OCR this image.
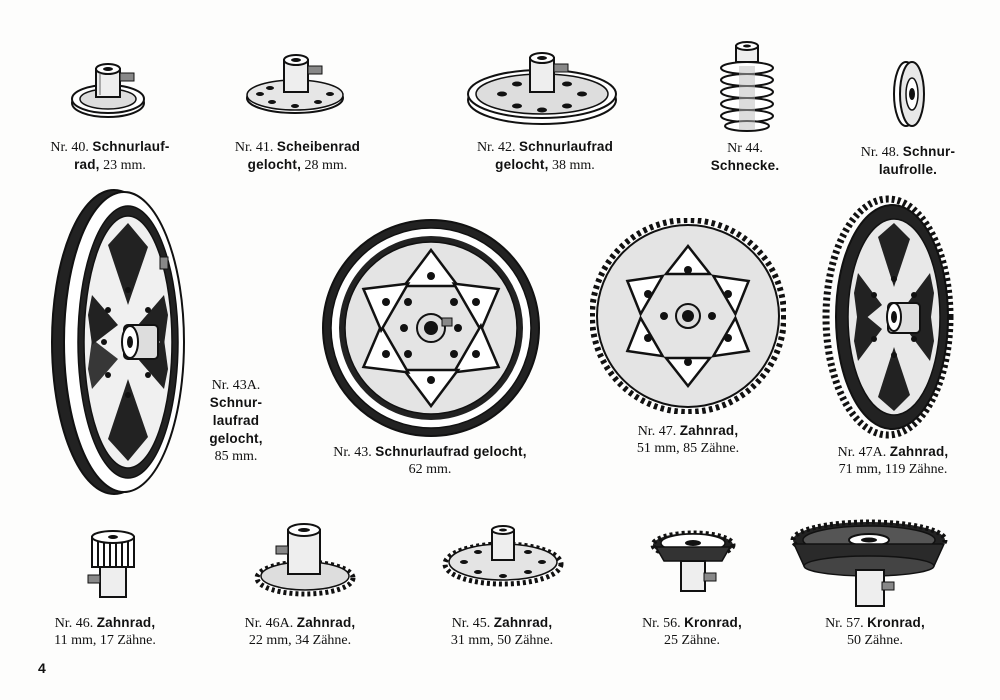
Nr. 40. Schnurlauf-
rad, 23 mm.
Nr. 41. Scheibenrad
gelocht, 28 mm.
Nr. 42. Schnurlaufrad
gelocht, 38 mm.
Nr 44.
Schnecke.
Nr. 48. Schnur-
laufrolle.
Nr. 43A.
Schnur-
laufrad
gelocht,
85 mm.	Nr. 43. Schnurlaufrad gelocht,
62 mm.
Nr. 47. Zahnrad,
51 mm, 85 Zähne.	Nr. 47A. Zahnrad,
71 mm, 119 Zähne.
Nr. 46. Zahnrad,
11 mm, 17 Zähne.
Nr. 46A. Zahnrad,
22 mm, 34 Zähne.
Nr. 45. Zahnrad,
31 mm, 50 Zähne.
Nr. 56. Kronrad,
25 Zähne.
Nr. 57. Kronrad,
50 Zähne.
4
